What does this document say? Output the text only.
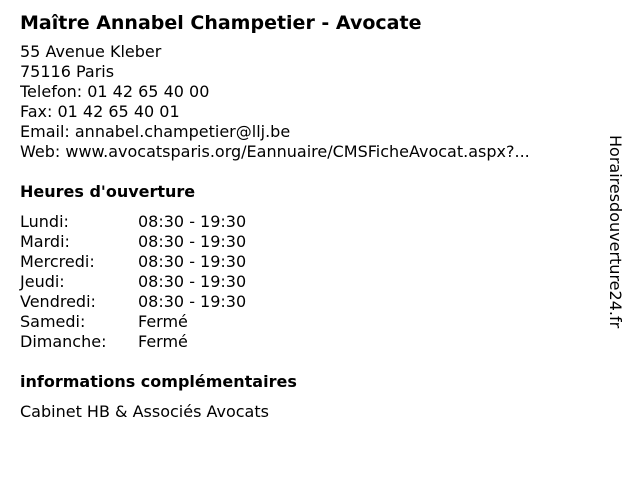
Maître Annabel Champetier - Avocate
55 Avenue Kleber
75116 Paris
Telefon: 01 42 65 40 00
Fax: 01 42 65 40 01
Email: annabel.champetier@llj.be
Web: www.avocatsparis.org/Eannuaire/CMSFicheAvocat.aspx?...
Heures d'ouverture
Lundi:	08:30 - 19:30
Mardi:	08:30 - 19:30
Mercredi:	08:30 - 19:30
Jeudi:	08:30 - 19:30
Vendredi:	08:30 - 19:30
Samedi:	Fermé
Dimanche: Fermé
informations complémentaires
Cabinet HB & Associés Avocats
Horairesdouverture24.fr
